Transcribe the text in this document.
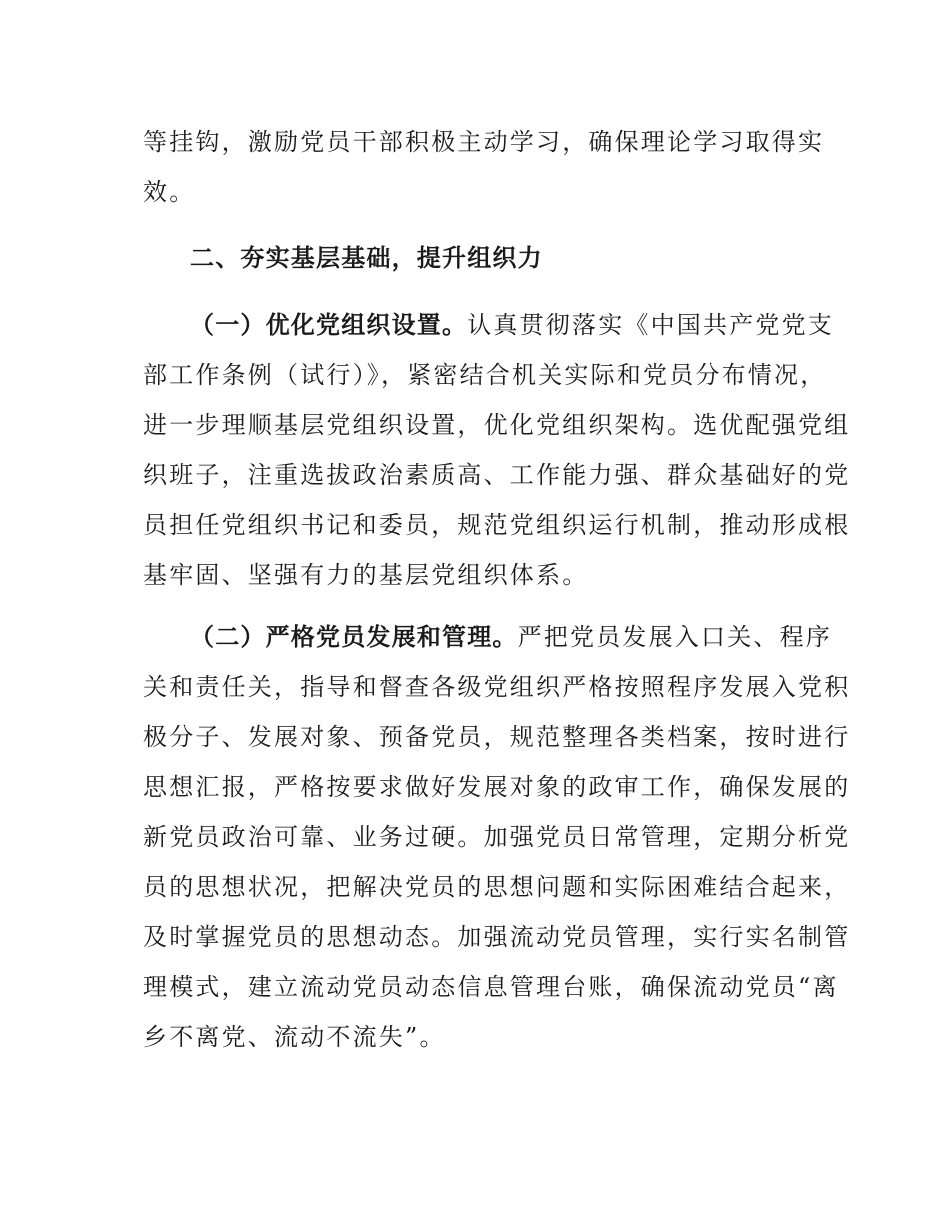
等挂钩，激励党员干部积极主动学习，确保理论学习取得实
效。
二、夯实基层基础，提升组织力
（一）优化党组织设置。认真贯彻落实《中国共产党党支
部工作条例（试行）》，紧密结合机关实际和党员分布情况，
进一步理顺基层党组织设置，优化党组织架构。选优配强党组
织班子，注重选拔政治素质高、工作能力强、群众基础好的党
员担任党组织书记和委员，规范党组织运行机制，推动形成根
基牢固、坚强有力的基层党组织体系。
（二）严格党员发展和管理。严把党员发展入口关、程序
关和责任关，指导和督查各级党组织严格按照程序发展入党积
极分子、发展对象、预备党员，规范整理各类档案，按时进行
思想汇报，严格按要求做好发展对象的政审工作，确保发展的
新党员政治可靠、业务过硬。加强党员日常管理，定期分析党
员的思想状况，把解决党员的思想问题和实际困难结合起来，
及时掌握党员的思想动态。加强流动党员管理，实行实名制管
理模式，建立流动党员动态信息管理台账，确保流动党员“离
乡不离党、流动不流失”。
